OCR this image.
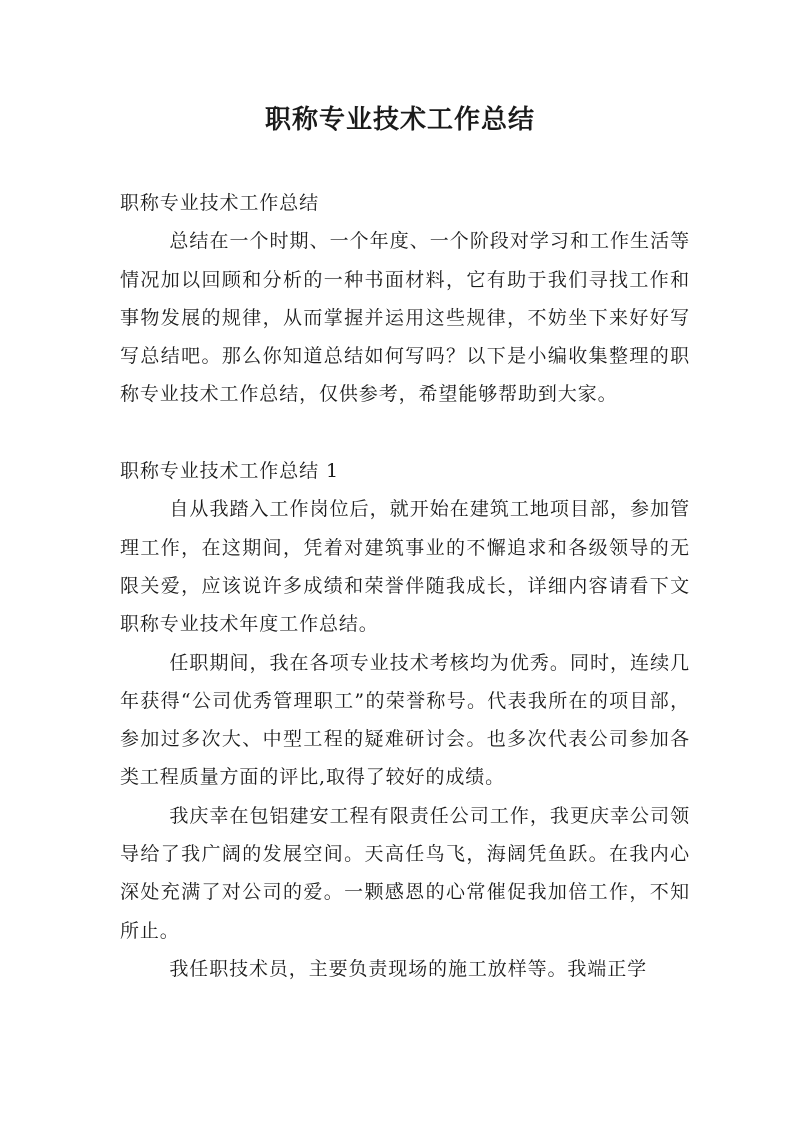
职称专业技术工作总结

职称专业技术工作总结

总结在一个时期、一个年度、一个阶段对学习和工作生活等情况加以回顾和分析的一种书面材料，它有助于我们寻找工作和事物发展的规律，从而掌握并运用这些规律，不妨坐下来好好写写总结吧。那么你知道总结如何写吗？以下是小编收集整理的职称专业技术工作总结，仅供参考，希望能够帮助到大家。

职称专业技术工作总结 1

自从我踏入工作岗位后，就开始在建筑工地项目部，参加管理工作，在这期间，凭着对建筑事业的不懈追求和各级领导的无限关爱，应该说许多成绩和荣誉伴随我成长，详细内容请看下文职称专业技术年度工作总结。

任职期间，我在各项专业技术考核均为优秀。同时，连续几年获得“公司优秀管理职工”的荣誉称号。代表我所在的项目部，参加过多次大、中型工程的疑难研讨会。也多次代表公司参加各类工程质量方面的评比,取得了较好的成绩。

我庆幸在包铝建安工程有限责任公司工作，我更庆幸公司领导给了我广阔的发展空间。天高任鸟飞，海阔凭鱼跃。在我内心深处充满了对公司的爱。一颗感恩的心常催促我加倍工作，不知所止。

我任职技术员，主要负责现场的施工放样等。我端正学
